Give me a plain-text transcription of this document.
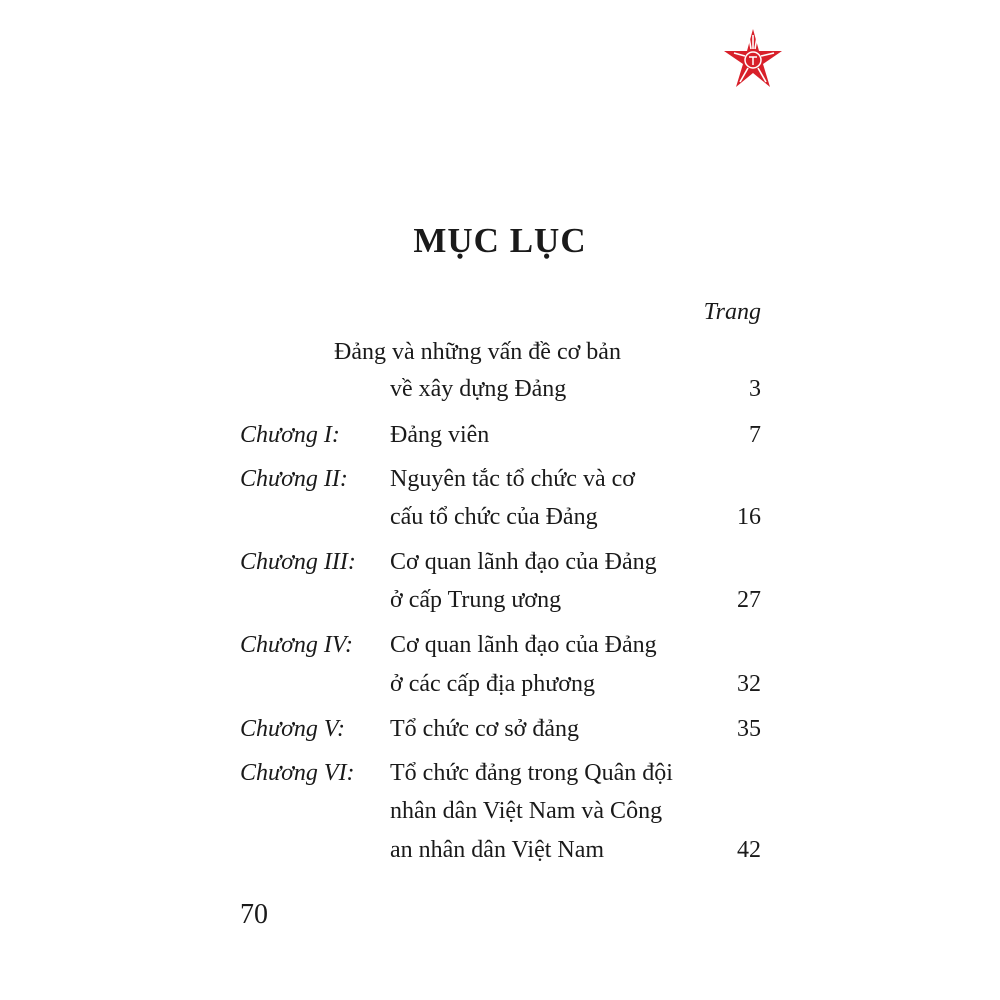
MỤC LỤC
Trang
Đảng và những vấn đề cơ bản
về xây dựng Đảng	3
Chương I: Đảng viên	7
Chương II: Nguyên tắc tổ chức và cơ
cấu tổ chức của Đảng	16
Chương III: Cơ quan lãnh đạo của Đảng
ở cấp Trung ương	27
Chương IV: Cơ quan lãnh đạo của Đảng
ở các cấp địa phương	32
Chương V: Tổ chức cơ sở đảng	35
Chương VI: Tổ chức đảng trong Quân đội
nhân dân Việt Nam và Công
an nhân dân Việt Nam	42
70
